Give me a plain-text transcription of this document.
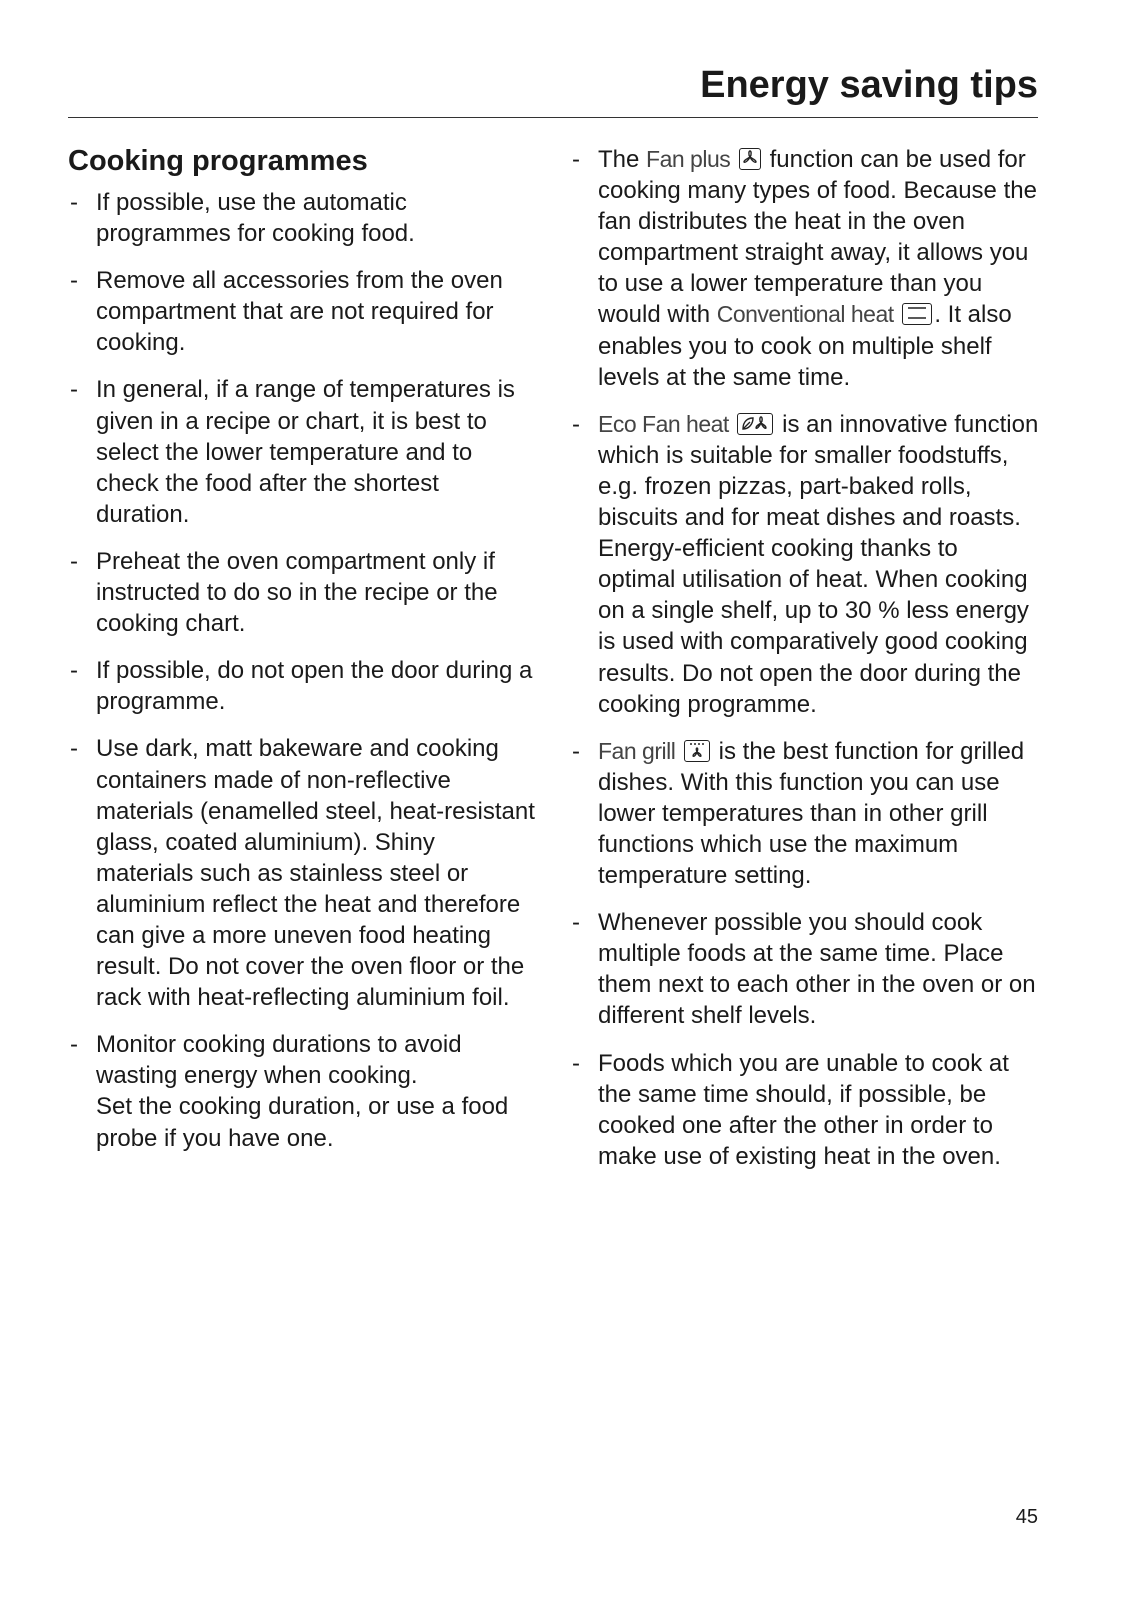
Energy saving tips
Cooking programmes
- If possible, use the automatic programmes for cooking food.
- Remove all accessories from the oven compartment that are not required for cooking.
- In general, if a range of temperatures is given in a recipe or chart, it is best to select the lower temperature and to check the food after the shortest duration.
- Preheat the oven compartment only if instructed to do so in the recipe or the cooking chart.
- If possible, do not open the door during a programme.
- Use dark, matt bakeware and cooking containers made of non-reflective materials (enamelled steel, heat-resistant glass, coated aluminium). Shiny materials such as stainless steel or aluminium reflect the heat and therefore can give a more uneven food heating result. Do not cover the oven floor or the rack with heat-reflecting aluminium foil.
- Monitor cooking durations to avoid wasting energy when cooking.
Set the cooking duration, or use a food probe if you have one.
- The Fan plus
function can be used for cooking many types of food. Because the fan distributes the heat in the oven compartment straight away, it allows you to use a lower temperature than you would with Conventional heat . It also enables you to cook on multiple shelf levels at the same time.
- Eco Fan heat
is an innovative function which is suitable for smaller foodstuffs, e.g. frozen pizzas, part-baked rolls, biscuits and for meat dishes and roasts. Energy-efficient cooking thanks to optimal utilisation of heat. When cooking on a single shelf, up to 30 % less energy is used with comparatively good cooking results. Do not open the door during the cooking programme.
- Fan grill
is the best function for grilled dishes. With this function you can use lower temperatures than in other grill functions which use the maximum temperature setting.
- Whenever possible you should cook multiple foods at the same time. Place them next to each other in the oven or on different shelf levels.
- Foods which you are unable to cook at the same time should, if possible, be cooked one after the other in order to make use of existing heat in the oven.
45
